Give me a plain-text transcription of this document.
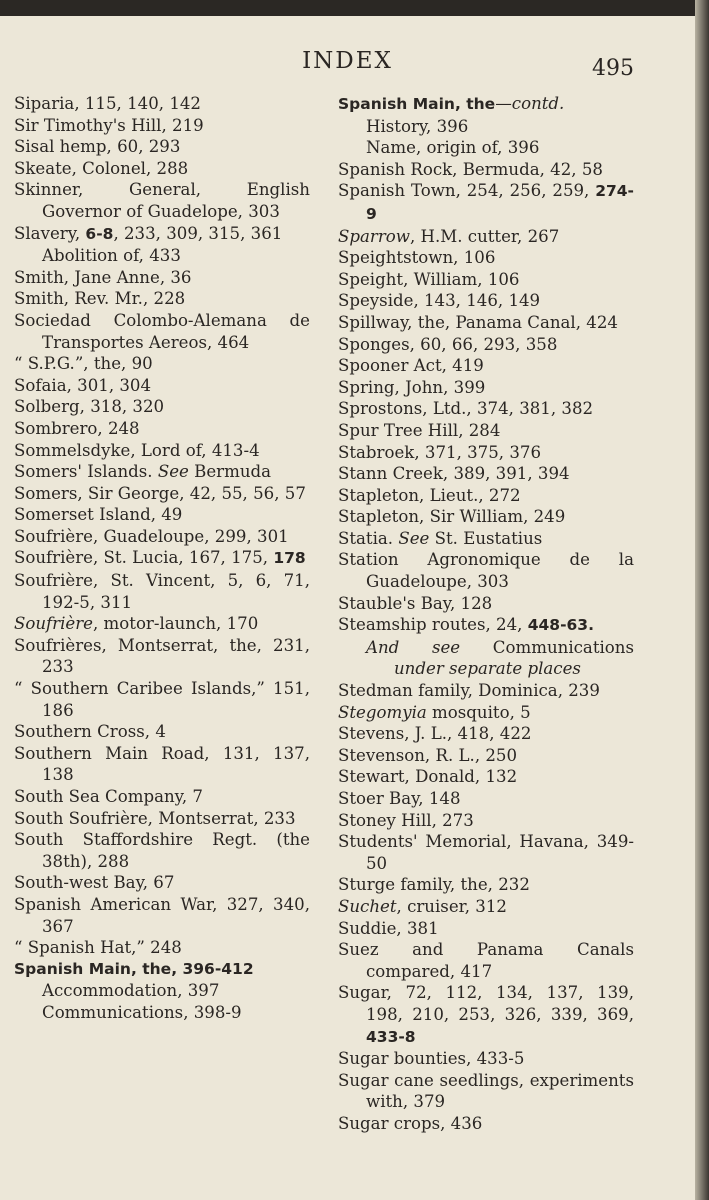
INDEX	495
Siparia, 115, 140, 142
Sir Timothy's Hill, 219
Sisal hemp, 60, 293
Skeate, Colonel, 288
Skinner, General, English Governor of Guadelope, 303
Slavery, 6-8, 233, 309, 315, 361
Abolition of, 433
Smith, Jane Anne, 36
Smith, Rev. Mr., 228
Sociedad Colombo-Alemana de Transportes Aereos, 464
“ S.P.G.”, the, 90
Sofaia, 301, 304
Solberg, 318, 320
Sombrero, 248
Sommelsdyke, Lord of, 413-4
Somers' Islands. See Bermuda
Somers, Sir George, 42, 55, 56, 57
Somerset Island, 49
Soufrière, Guadeloupe, 299, 301
Soufrière, St. Lucia, 167, 175, 178
Soufrière, St. Vincent, 5, 6, 71, 192-5, 311
Soufrière, motor-launch, 170
Soufrières, Montserrat, the, 231, 233
“ Southern Caribee Islands,” 151, 186
Southern Cross, 4
Southern Main Road, 131, 137, 138
South Sea Company, 7
South Soufrière, Montserrat, 233
South Staffordshire Regt. (the 38th), 288
South-west Bay, 67
Spanish American War, 327, 340, 367
“ Spanish Hat,” 248
Spanish Main, the, 396-412
Accommodation, 397
Communications, 398-9
Spanish Main, the—contd.
History, 396
Name, origin of, 396
Spanish Rock, Bermuda, 42, 58
Spanish Town, 254, 256, 259, 274-9
Sparrow, H.M. cutter, 267
Speightstown, 106
Speight, William, 106
Speyside, 143, 146, 149
Spillway, the, Panama Canal, 424
Sponges, 60, 66, 293, 358
Spooner Act, 419
Spring, John, 399
Sprostons, Ltd., 374, 381, 382
Spur Tree Hill, 284
Stabroek, 371, 375, 376
Stann Creek, 389, 391, 394
Stapleton, Lieut., 272
Stapleton, Sir William, 249
Statia. See St. Eustatius
Station Agronomique de la Guadeloupe, 303
Stauble's Bay, 128
Steamship routes, 24, 448-63.
And see Communications under separate places
Stedman family, Dominica, 239
Stegomyia mosquito, 5
Stevens, J. L., 418, 422
Stevenson, R. L., 250
Stewart, Donald, 132
Stoer Bay, 148
Stoney Hill, 273
Students' Memorial, Havana, 349-50
Sturge family, the, 232
Suchet, cruiser, 312
Suddie, 381
Suez and Panama Canals compared, 417
Sugar, 72, 112, 134, 137, 139, 198, 210, 253, 326, 339, 369, 433-8
Sugar bounties, 433-5
Sugar cane seedlings, experiments with, 379
Sugar crops, 436
